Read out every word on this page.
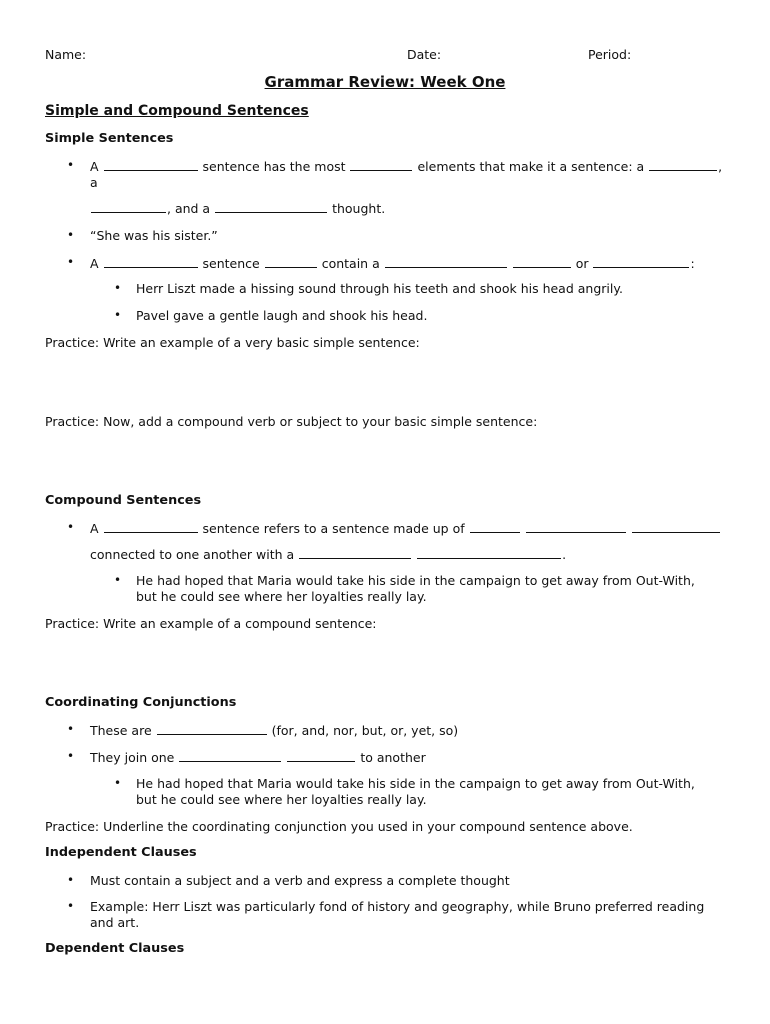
Name:	Date:	Period:
Grammar Review: Week One
Simple and Compound Sentences
Simple Sentences
• A	sentence has the most	elements that make it a sentence: a	,
a
, and a	thought.
• “She was his sister.”
• A	sentence	contain a	or	:
• Herr Liszt made a hissing sound through his teeth and shook his head angrily.
• Pavel gave a gentle laugh and shook his head.
Practice: Write an example of a very basic simple sentence:
Practice: Now, add a compound verb or subject to your basic simple sentence:
Compound Sentences
• A	sentence refers to a sentence made up of
connected to one another with a	.
• He had hoped that Maria would take his side in the campaign to get away from Out-With, but he could see where her loyalties really lay.
Practice: Write an example of a compound sentence:
Coordinating Conjunctions
• These are	(for, and, nor, but, or, yet, so)
• They join one	to another
• He had hoped that Maria would take his side in the campaign to get away from Out-With, but he could see where her loyalties really lay.
Practice: Underline the coordinating conjunction you used in your compound sentence above.
Independent Clauses
• Must contain a subject and a verb and express a complete thought
• Example: Herr Liszt was particularly fond of history and geography, while Bruno preferred reading and art.
Dependent Clauses
